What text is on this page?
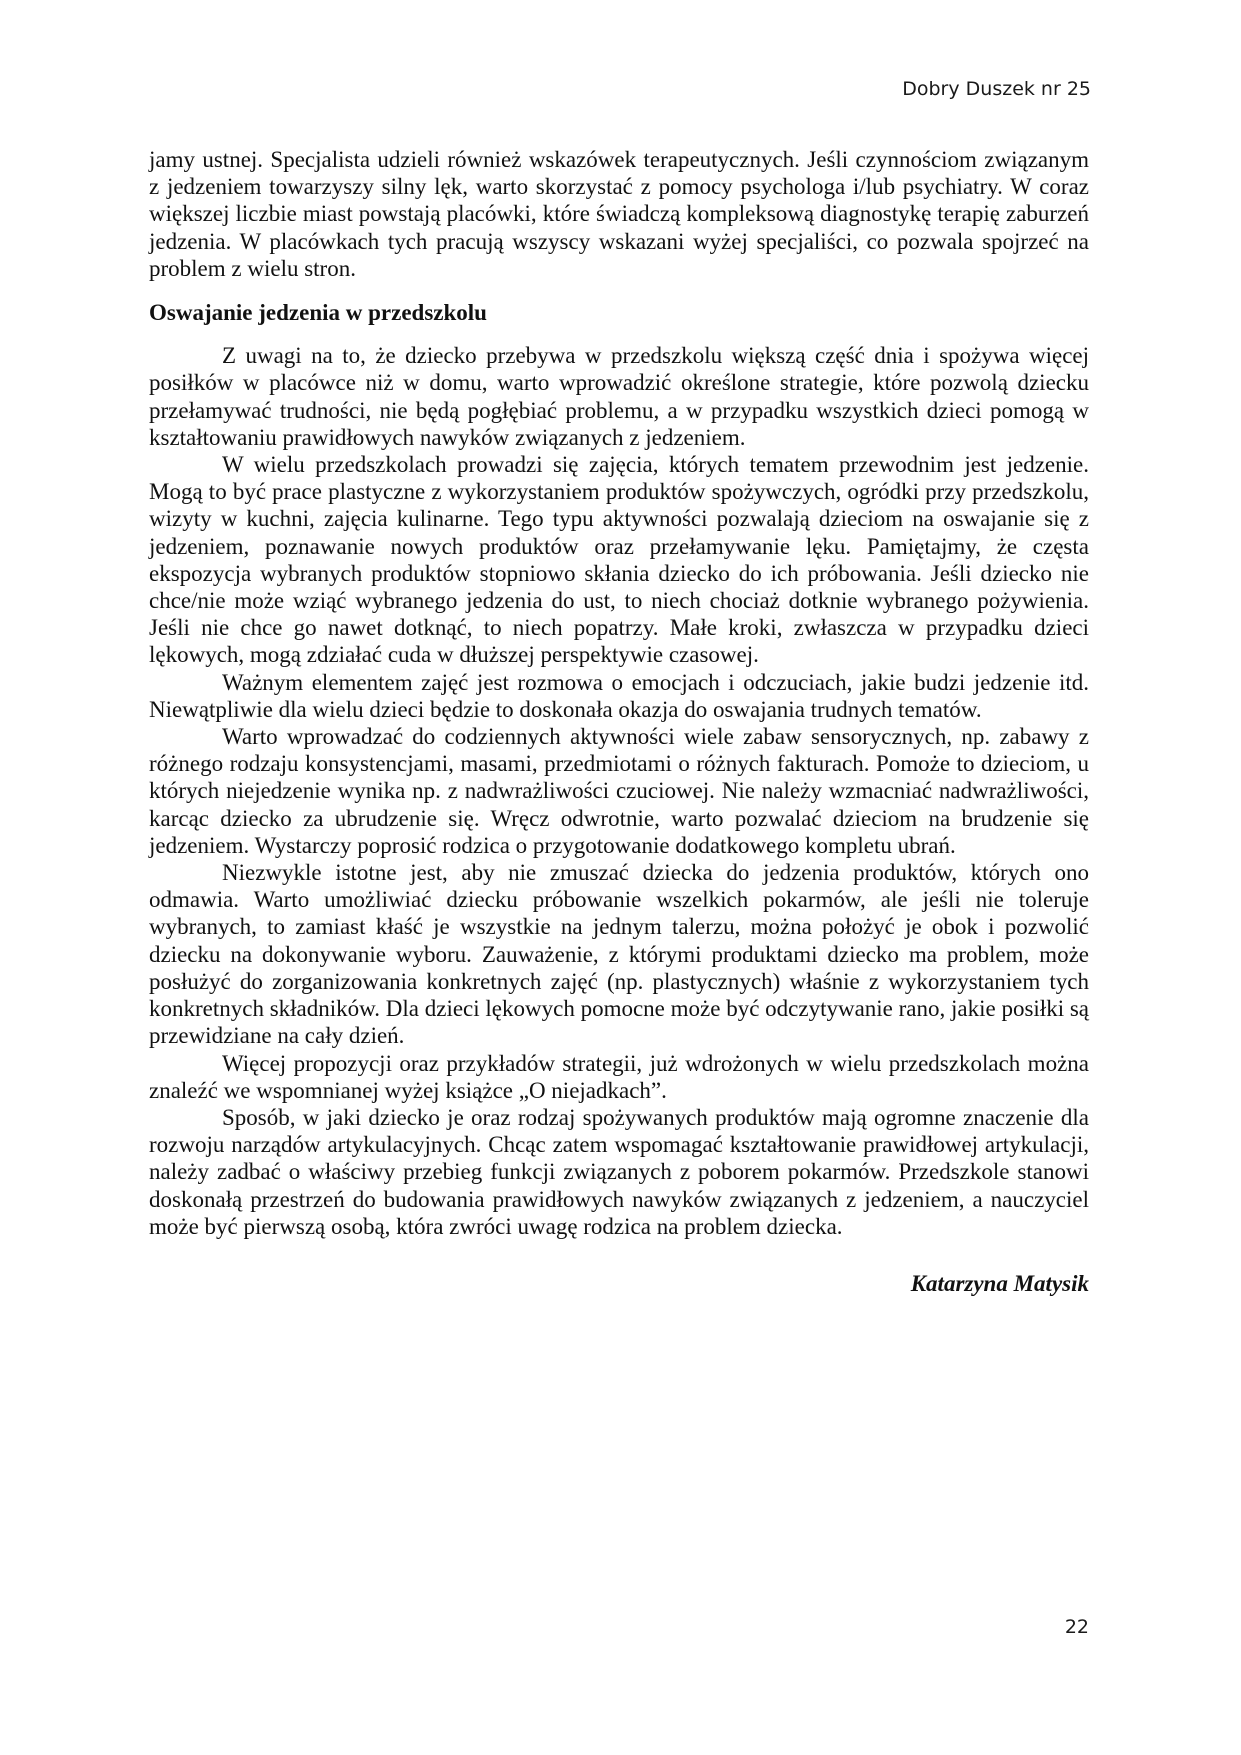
Dobry Duszek nr 25

jamy ustnej. Specjalista udzieli również wskazówek terapeutycznych. Jeśli czynnościom związanym z jedzeniem towarzyszy silny lęk, warto skorzystać z pomocy psychologa i/lub psychiatry. W coraz większej liczbie miast powstają placówki, które świadczą kompleksową diagnostykę terapię zaburzeń jedzenia. W placówkach tych pracują wszyscy wskazani wyżej specjaliści, co pozwala spojrzeć na problem z wielu stron.

Oswajanie jedzenia w przedszkolu

Z uwagi na to, że dziecko przebywa w przedszkolu większą część dnia i spożywa więcej posiłków w placówce niż w domu, warto wprowadzić określone strategie, które pozwolą dziecku przełamywać trudności, nie będą pogłębiać problemu, a w przypadku wszystkich dzieci pomogą w kształtowaniu prawidłowych nawyków związanych z jedzeniem.

W wielu przedszkolach prowadzi się zajęcia, których tematem przewodnim jest jedzenie. Mogą to być prace plastyczne z wykorzystaniem produktów spożywczych, ogródki przy przedszkolu, wizyty w kuchni, zajęcia kulinarne. Tego typu aktywności pozwalają dzieciom na oswajanie się z jedzeniem, poznawanie nowych produktów oraz przełamywanie lęku. Pamiętajmy, że częsta ekspozycja wybranych produktów stopniowo skłania dziecko do ich próbowania. Jeśli dziecko nie chce/nie może wziąć wybranego jedzenia do ust, to niech chociaż dotknie wybranego pożywienia. Jeśli nie chce go nawet dotknąć, to niech popatrzy. Małe kroki, zwłaszcza w przypadku dzieci lękowych, mogą zdziałać cuda w dłuższej perspektywie czasowej.

Ważnym elementem zajęć jest rozmowa o emocjach i odczuciach, jakie budzi jedzenie itd. Niewątpliwie dla wielu dzieci będzie to doskonała okazja do oswajania trudnych tematów.

Warto wprowadzać do codziennych aktywności wiele zabaw sensorycznych, np. zabawy z różnego rodzaju konsystencjami, masami, przedmiotami o różnych fakturach. Pomoże to dzieciom, u których niejedzenie wynika np. z nadwrażliwości czuciowej. Nie należy wzmacniać nadwrażliwości, karcąc dziecko za ubrudzenie się. Wręcz odwrotnie, warto pozwalać dzieciom na brudzenie się jedzeniem. Wystarczy poprosić rodzica o przygotowanie dodatkowego kompletu ubrań.

Niezwykle istotne jest, aby nie zmuszać dziecka do jedzenia produktów, których ono odmawia. Warto umożliwiać dziecku próbowanie wszelkich pokarmów, ale jeśli nie toleruje wybranych, to zamiast kłaść je wszystkie na jednym talerzu, można położyć je obok i pozwolić dziecku na dokonywanie wyboru. Zauważenie, z którymi produktami dziecko ma problem, może posłużyć do zorganizowania konkretnych zajęć (np. plastycznych) właśnie z wykorzystaniem tych konkretnych składników. Dla dzieci lękowych pomocne może być odczytywanie rano, jakie posiłki są przewidziane na cały dzień.

Więcej propozycji oraz przykładów strategii, już wdrożonych w wielu przedszkolach można znaleźć we wspomnianej wyżej książce „O niejadkach”.

Sposób, w jaki dziecko je oraz rodzaj spożywanych produktów mają ogromne znaczenie dla rozwoju narządów artykulacyjnych. Chcąc zatem wspomagać kształtowanie prawidłowej artykulacji, należy zadbać o właściwy przebieg funkcji związanych z poborem pokarmów. Przedszkole stanowi doskonałą przestrzeń do budowania prawidłowych nawyków związanych z jedzeniem, a nauczyciel może być pierwszą osobą, która zwróci uwagę rodzica na problem dziecka.

Katarzyna Matysik
22
